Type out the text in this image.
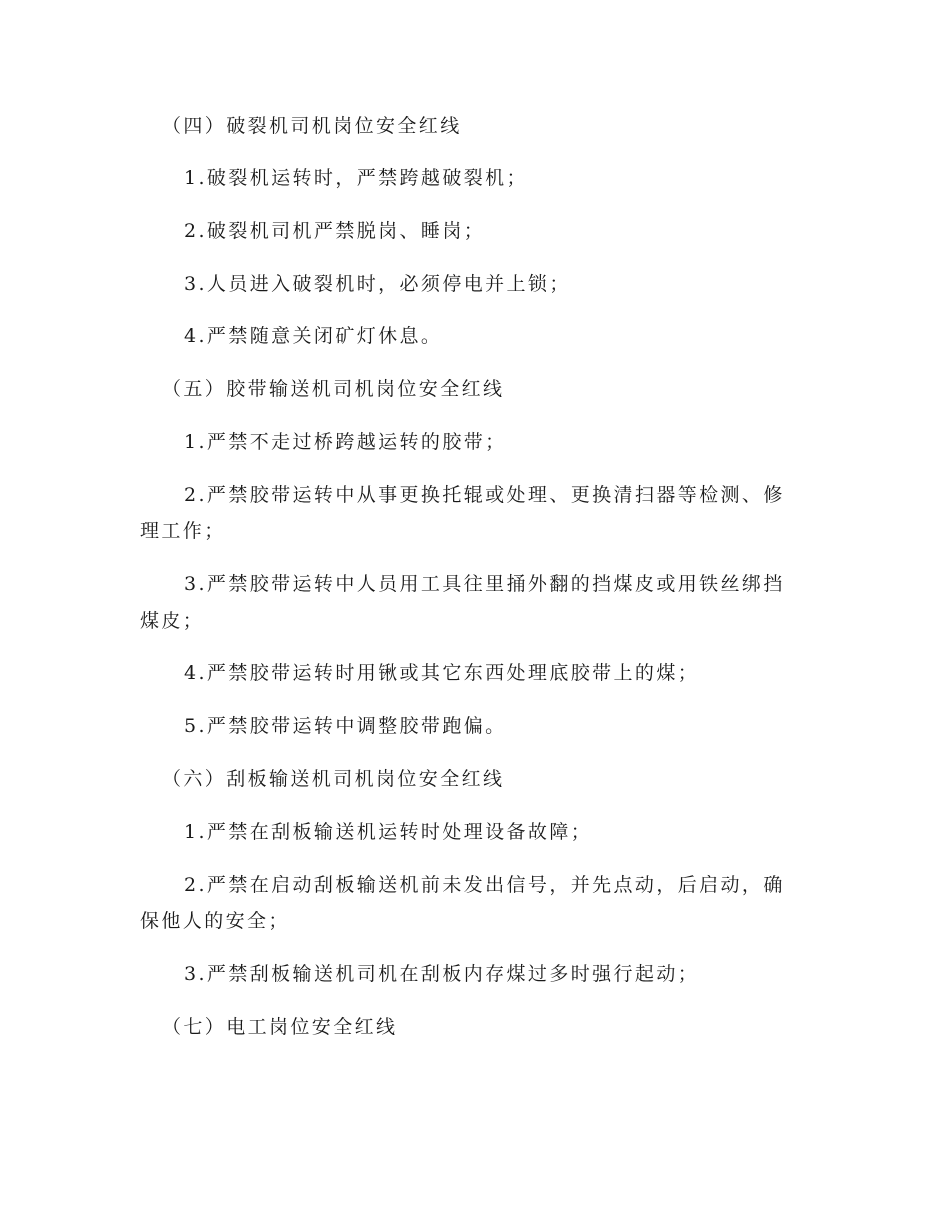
（四）破裂机司机岗位安全红线

1.破裂机运转时，严禁跨越破裂机；

2.破裂机司机严禁脱岗、睡岗；

3.人员进入破裂机时，必须停电并上锁；

4.严禁随意关闭矿灯休息。

（五）胶带输送机司机岗位安全红线

1.严禁不走过桥跨越运转的胶带；

2.严禁胶带运转中从事更换托辊或处理、更换清扫器等检测、修

理工作；

3.严禁胶带运转中人员用工具往里捅外翻的挡煤皮或用铁丝绑挡

煤皮；

4.严禁胶带运转时用锹或其它东西处理底胶带上的煤；

5.严禁胶带运转中调整胶带跑偏。

（六）刮板输送机司机岗位安全红线

1.严禁在刮板输送机运转时处理设备故障；

2.严禁在启动刮板输送机前未发出信号，并先点动，后启动，确

保他人的安全；

3.严禁刮板输送机司机在刮板内存煤过多时强行起动；

（七）电工岗位安全红线
